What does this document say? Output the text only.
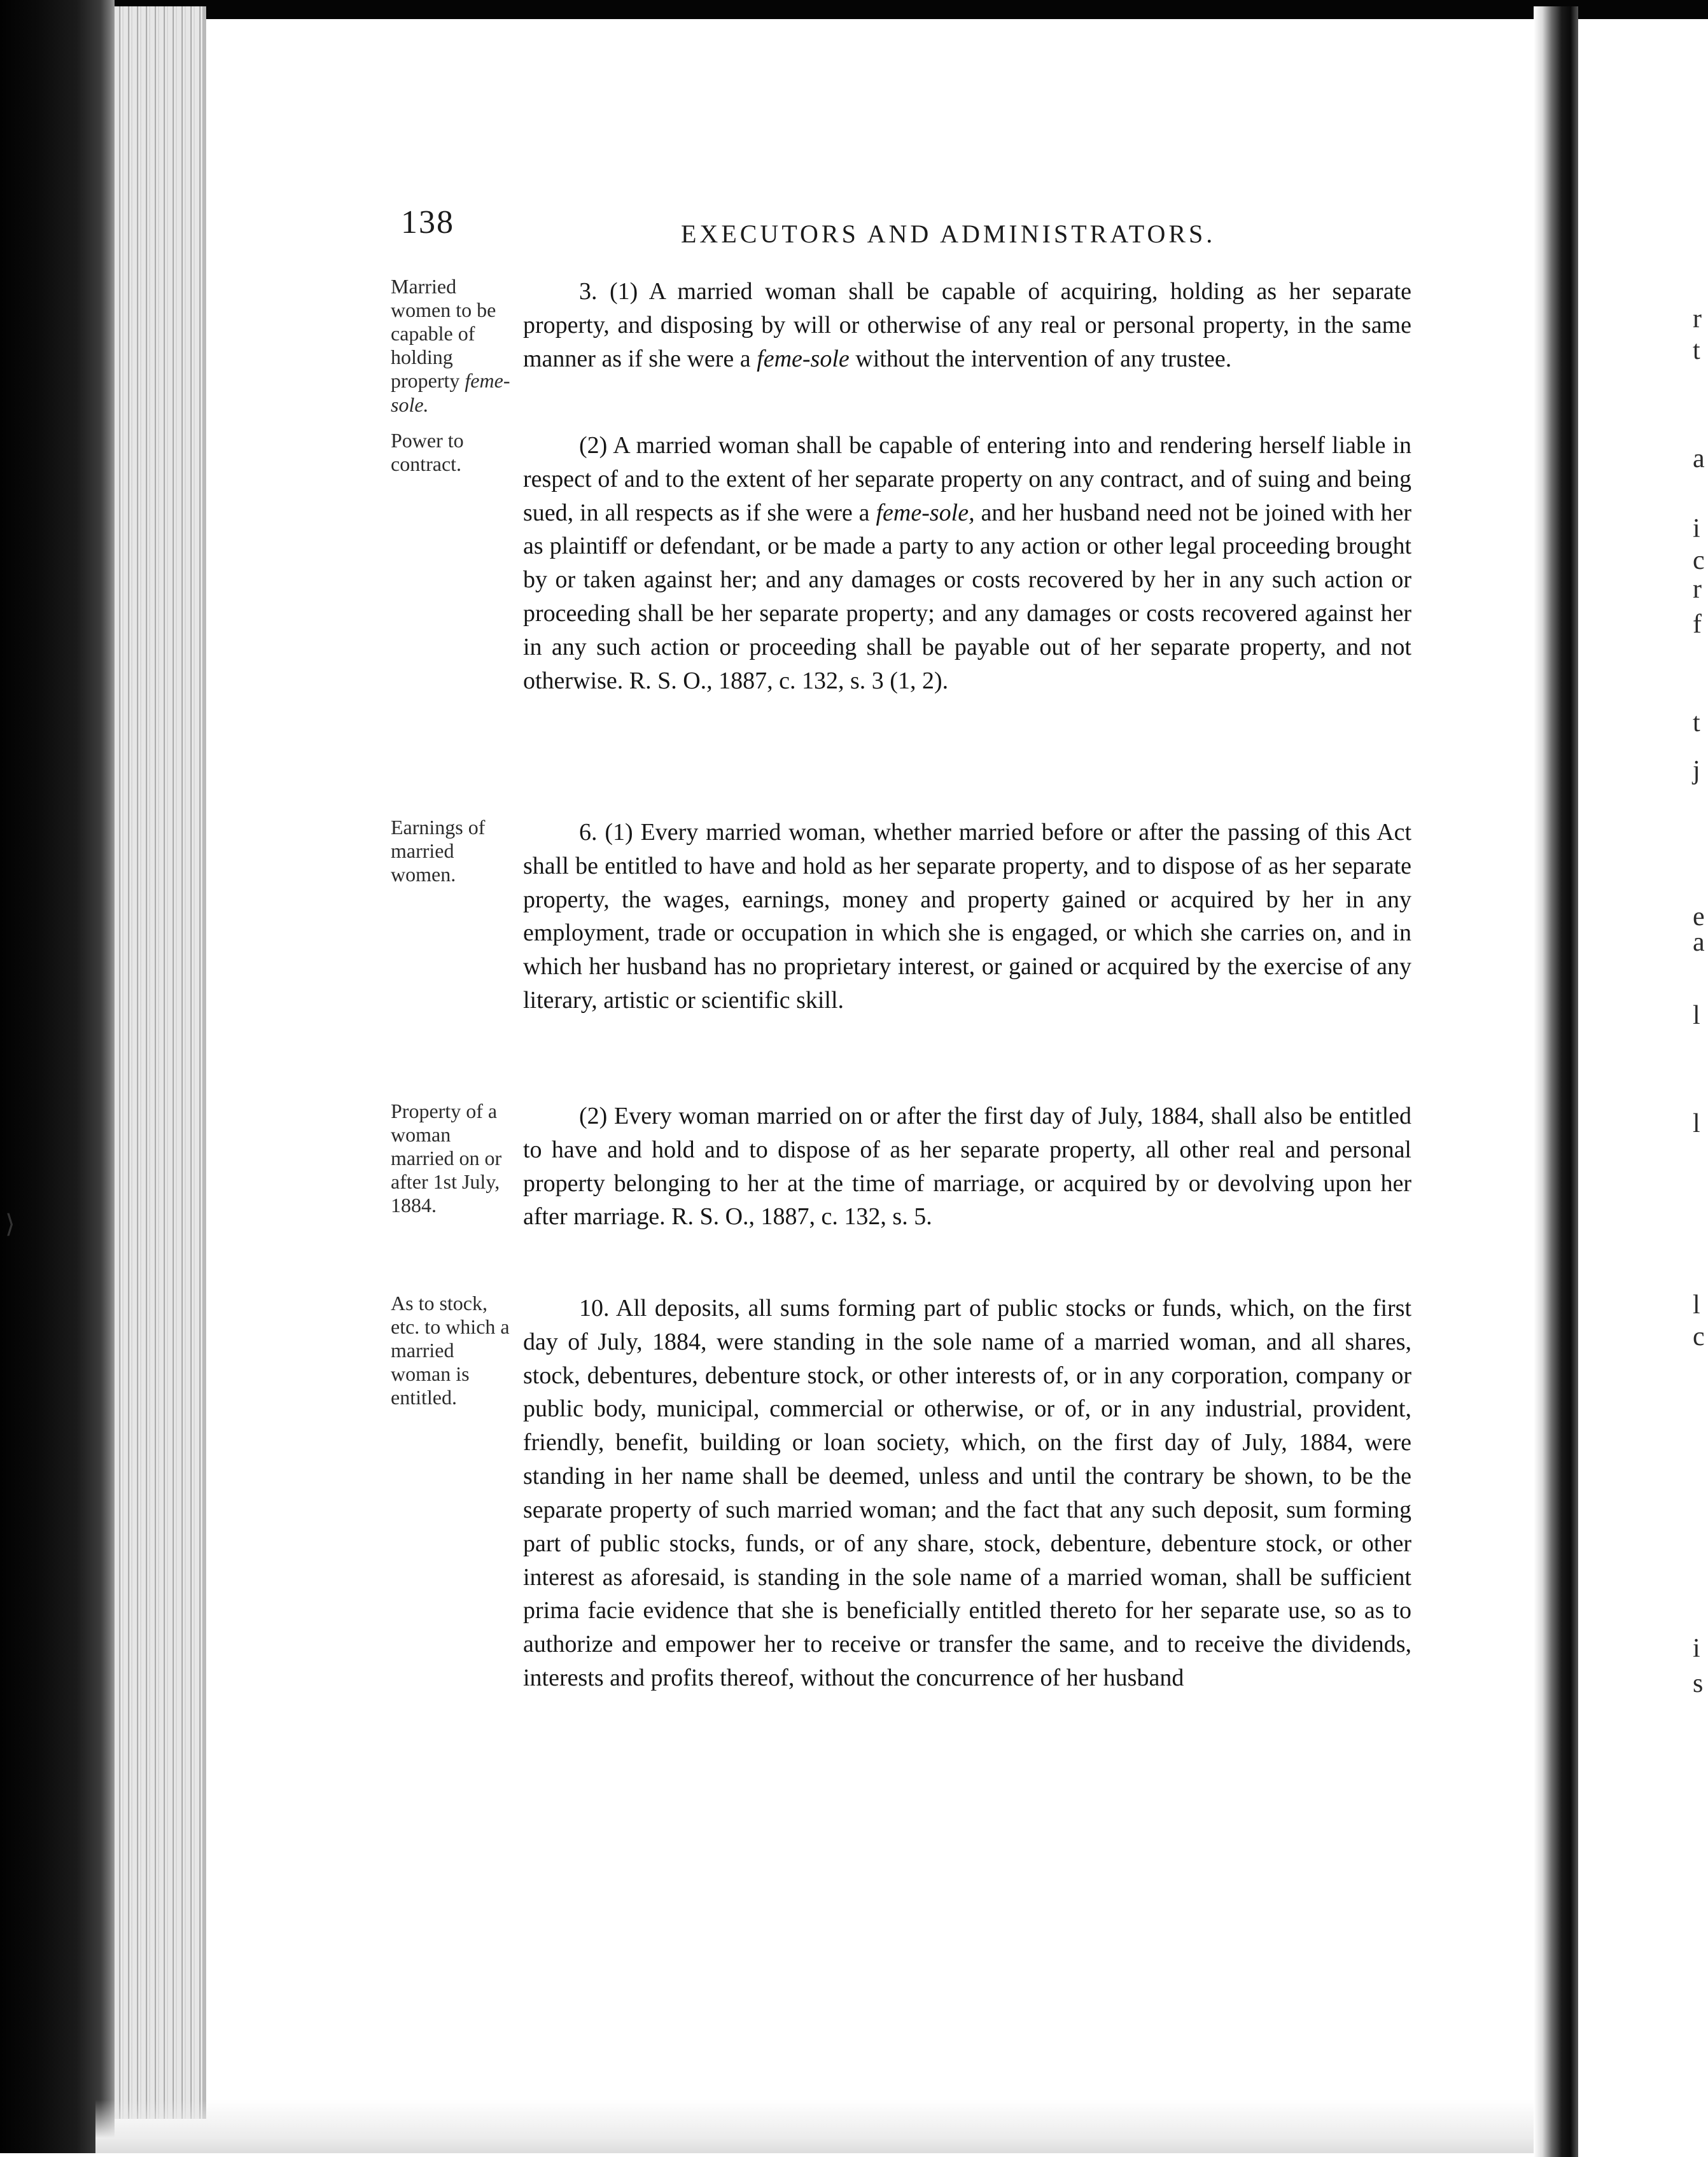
⟩
r
t
a
i
c
r
f
t
j
e
a
l
l
l
c
i
s
138	EXECUTORS AND ADMINISTRATORS.
Married women to be capable of holding property feme-sole.
3. (1) A married woman shall be capable of acquiring, holding as her separate property, and disposing by will or otherwise of any real or personal property, in the same manner as if she were a feme-sole without the intervention of any trustee.
Power to contract.
(2) A married woman shall be capable of entering into and rendering herself liable in respect of and to the extent of her separate property on any contract, and of suing and being sued, in all respects as if she were a feme-sole, and her husband need not be joined with her as plaintiff or defendant, or be made a party to any action or other legal proceeding brought by or taken against her; and any damages or costs recovered by her in any such action or proceeding shall be her separate property; and any damages or costs recovered against her in any such action or proceeding shall be payable out of her separate property, and not otherwise. R. S. O., 1887, c. 132, s. 3 (1, 2).
Earnings of married women.
6. (1) Every married woman, whether married before or after the passing of this Act shall be entitled to have and hold as her separate property, and to dispose of as her separate property, the wages, earnings, money and property gained or acquired by her in any employment, trade or occupation in which she is engaged, or which she carries on, and in which her husband has no proprietary interest, or gained or acquired by the exercise of any literary, artistic or scientific skill.
Property of a woman married on or after 1st July, 1884.
(2) Every woman married on or after the first day of July, 1884, shall also be entitled to have and hold and to dispose of as her separate property, all other real and personal property belonging to her at the time of marriage, or acquired by or devolving upon her after marriage. R. S. O., 1887, c. 132, s. 5.
As to stock, etc. to which a married woman is entitled.
10. All deposits, all sums forming part of public stocks or funds, which, on the first day of July, 1884, were standing in the sole name of a married woman, and all shares, stock, debentures, debenture stock, or other interests of, or in any corporation, company or public body, municipal, commercial or otherwise, or of, or in any industrial, provident, friendly, benefit, building or loan society, which, on the first day of July, 1884, were standing in her name shall be deemed, unless and until the contrary be shown, to be the separate property of such married woman; and the fact that any such deposit, sum forming part of public stocks, funds, or of any share, stock, debenture, debenture stock, or other interest as aforesaid, is standing in the sole name of a married woman, shall be sufficient prima facie evidence that she is beneficially entitled thereto for her separate use, so as to authorize and empower her to receive or transfer the same, and to receive the dividends, interests and profits thereof, without the concurrence of her husband
